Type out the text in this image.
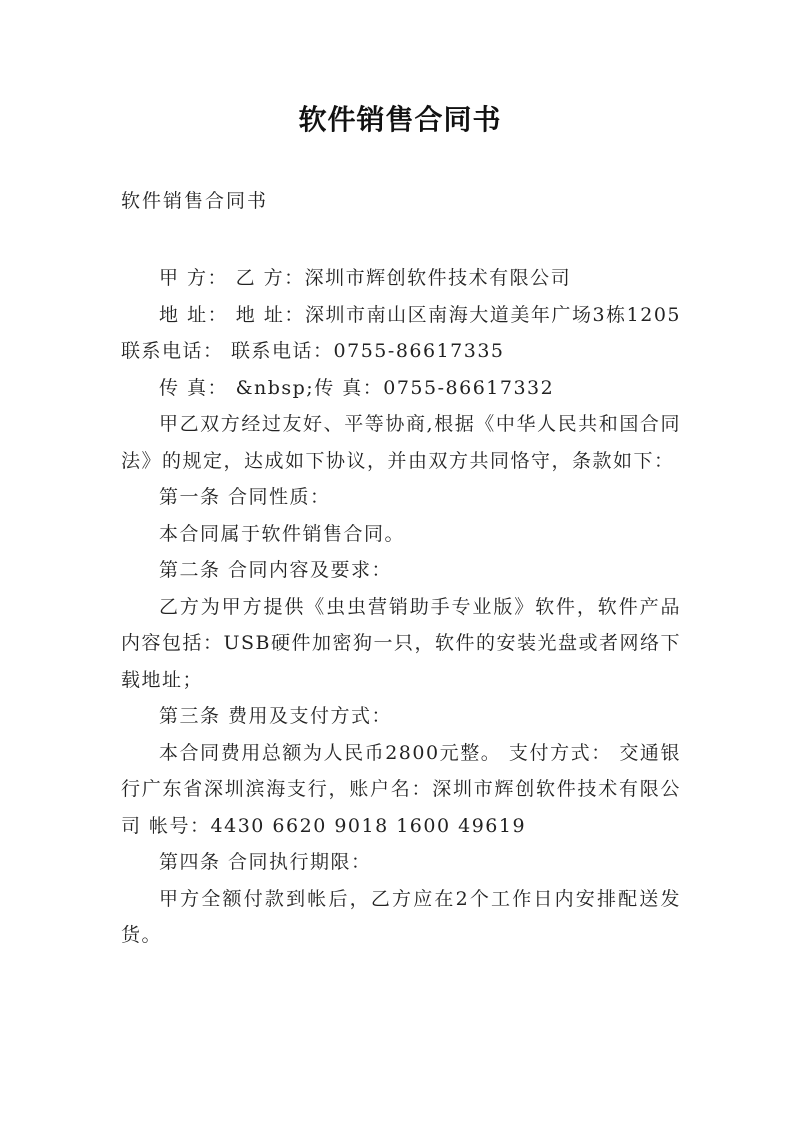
软件销售合同书

软件销售合同书

甲 方： 乙 方：深圳市辉创软件技术有限公司

地 址： 地 址：深圳市南山区南海大道美年广场3栋1205 联系电话： 联系电话：0755-86617335

传 真： &nbsp;传 真：0755-86617332

甲乙双方经过友好、平等协商,根据《中华人民共和国合同法》的规定，达成如下协议，并由双方共同恪守，条款如下：

第一条 合同性质：

本合同属于软件销售合同。

第二条 合同内容及要求：

乙方为甲方提供《虫虫营销助手专业版》软件，软件产品内容包括：USB硬件加密狗一只，软件的安装光盘或者网络下载地址；

第三条 费用及支付方式：

本合同费用总额为人民币2800元整。 支付方式： 交通银行广东省深圳滨海支行，账户名：深圳市辉创软件技术有限公司 帐号：4430 6620 9018 1600 49619

第四条 合同执行期限：

甲方全额付款到帐后，乙方应在2个工作日内安排配送发货。
